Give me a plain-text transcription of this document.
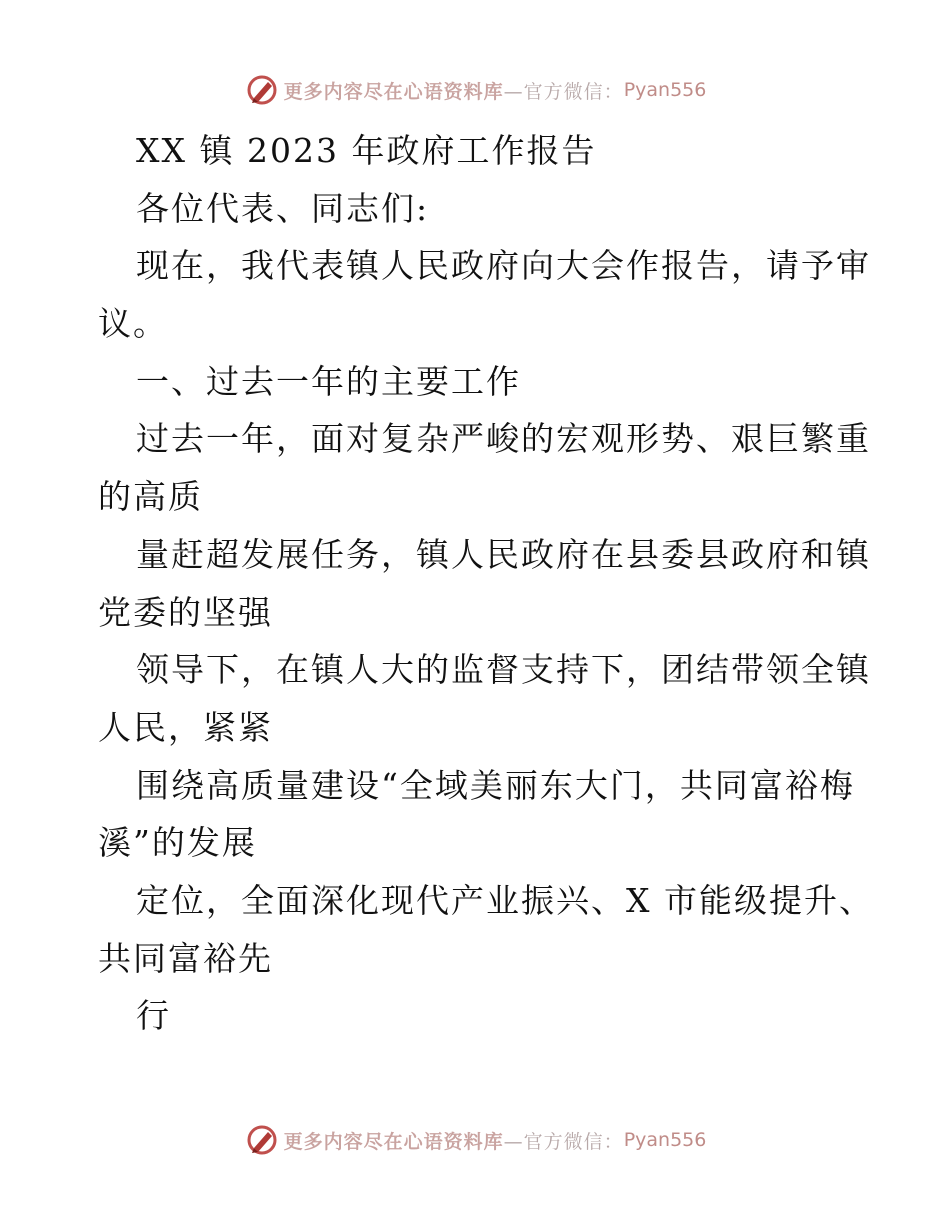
更多内容尽在心语资料库 —官方微信： Pyan556
XX 镇 2023 年政府工作报告
各位代表、同志们:
现在，我代表镇人民政府向大会作报告，请予审
议。
一、过去一年的主要工作
过去一年，面对复杂严峻的宏观形势、艰巨繁重
的高质
量赶超发展任务，镇人民政府在县委县政府和镇
党委的坚强
领导下，在镇人大的监督支持下，团结带领全镇
人民，紧紧
围绕高质量建设“全域美丽东大门，共同富裕梅
溪”的发展
定位，全面深化现代产业振兴、X 市能级提升、
共同富裕先
行
更多内容尽在心语资料库 —官方微信： Pyan556
